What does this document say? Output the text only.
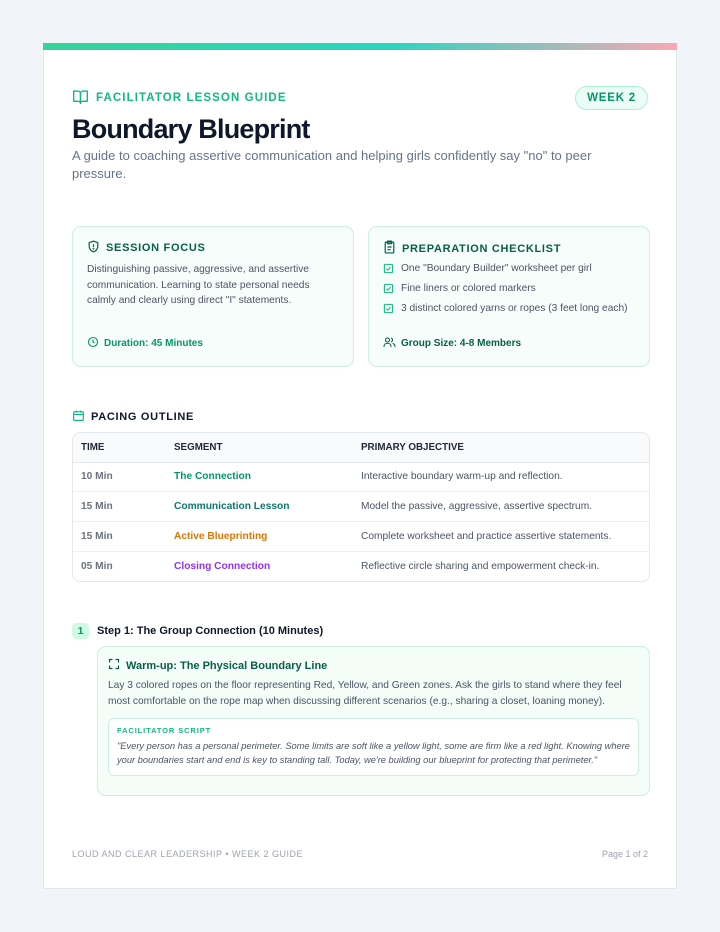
FACILITATOR LESSON GUIDE	WEEK 2
Boundary Blueprint

A guide to coaching assertive communication and helping girls confidently say "no" to peer pressure.

SESSION FOCUS

Distinguishing passive, aggressive, and assertive communication. Learning to state personal needs calmly and clearly using direct "I" statements.

Duration: 45 Minutes
PREPARATION CHECKLIST
One "Boundary Builder" worksheet per girl
Fine liners or colored markers
3 distinct colored yarns or ropes (3 feet long each)
Group Size: 4-8 Members
PACING OUTLINE
TIME	SEGMENT	PRIMARY OBJECTIVE
10 Min	The Connection	Interactive boundary warm-up and reflection.
15 Min	Communication Lesson	Model the passive, aggressive, assertive spectrum.
15 Min	Active Blueprinting	Complete worksheet and practice assertive statements.
05 Min	Closing Connection	Reflective circle sharing and empowerment check-in.
1	Step 1: The Group Connection (10 Minutes)
Warm-up: The Physical Boundary Line

Lay 3 colored ropes on the floor representing Red, Yellow, and Green zones. Ask the girls to stand where they feel most comfortable on the rope map when discussing different scenarios (e.g., sharing a closet, loaning money).

FACILITATOR SCRIPT

"Every person has a personal perimeter. Some limits are soft like a yellow light, some are firm like a red light. Knowing where your boundaries start and end is key to standing tall. Today, we're building our blueprint for protecting that perimeter."

LOUD AND CLEAR LEADERSHIP • WEEK 2 GUIDE	Page 1 of 2
